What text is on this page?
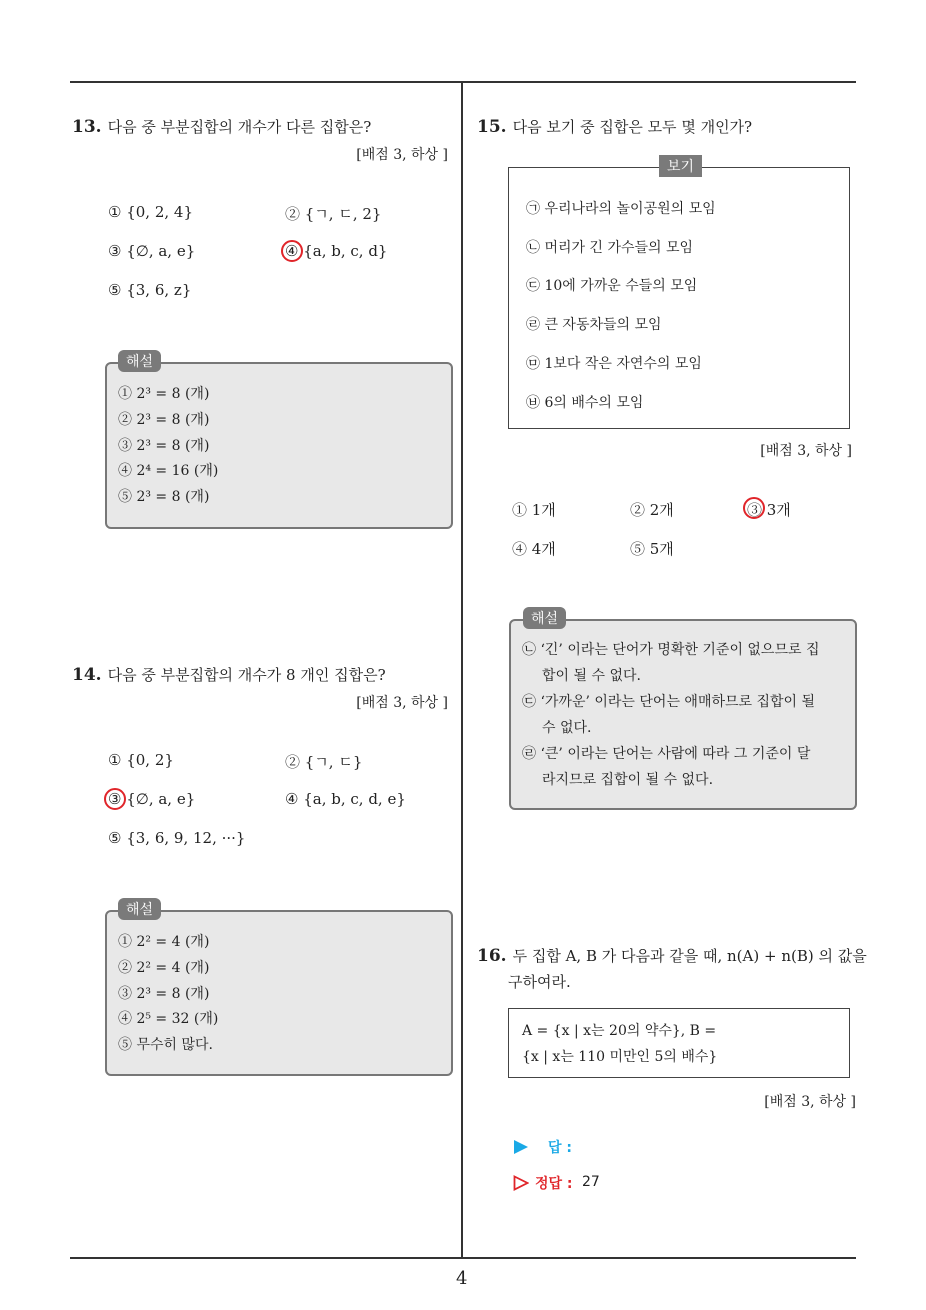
4
13. 다음 중 부분집합의 개수가 다른 집합은?
[배점 3, 하상 ]
① {0, 2, 4}	② {ㄱ, ㄷ, 2}
③ {∅, a, e}	④ {a, b, c, d}
⑤ {3, 6, z}
해설
① 2³ = 8 (개)
② 2³ = 8 (개)
③ 2³ = 8 (개)
④ 2⁴ = 16 (개)
⑤ 2³ = 8 (개)
14. 다음 중 부분집합의 개수가 8 개인 집합은?
[배점 3, 하상 ]
① {0, 2}	② {ㄱ, ㄷ}
③ {∅, a, e}	④ {a, b, c, d, e}
⑤ {3, 6, 9, 12, ···}
해설
① 2² = 4 (개)
② 2² = 4 (개)
③ 2³ = 8 (개)
④ 2⁵ = 32 (개)
⑤ 무수히 많다.
15. 다음 보기 중 집합은 모두 몇 개인가?
보기
㉠ 우리나라의 놀이공원의 모임
㉡ 머리가 긴 가수들의 모임
㉢ 10에 가까운 수들의 모임
㉣ 큰 자동차들의 모임
㉤ 1보다 작은 자연수의 모임
㉥ 6의 배수의 모임
[배점 3, 하상 ]
① 1개	② 2개	③ 3개
④ 4개	⑤ 5개
해설
㉡ ‘긴’ 이라는 단어가 명확한 기준이 없으므로 집
합이 될 수 없다.
㉢ ‘가까운’ 이라는 단어는 애매하므로 집합이 될
수 없다.
㉣ ‘큰’ 이라는 단어는 사람에 따라 그 기준이 달
라지므로 집합이 될 수 없다.
16. 두 집합 A, B 가 다음과 같을 때, n(A) + n(B) 의 값을
구하여라.
A = {x | x는 20의 약수}, B =
{x | x는 110 미만인 5의 배수}
[배점 3, 하상 ]
답 :
정답 : 27
